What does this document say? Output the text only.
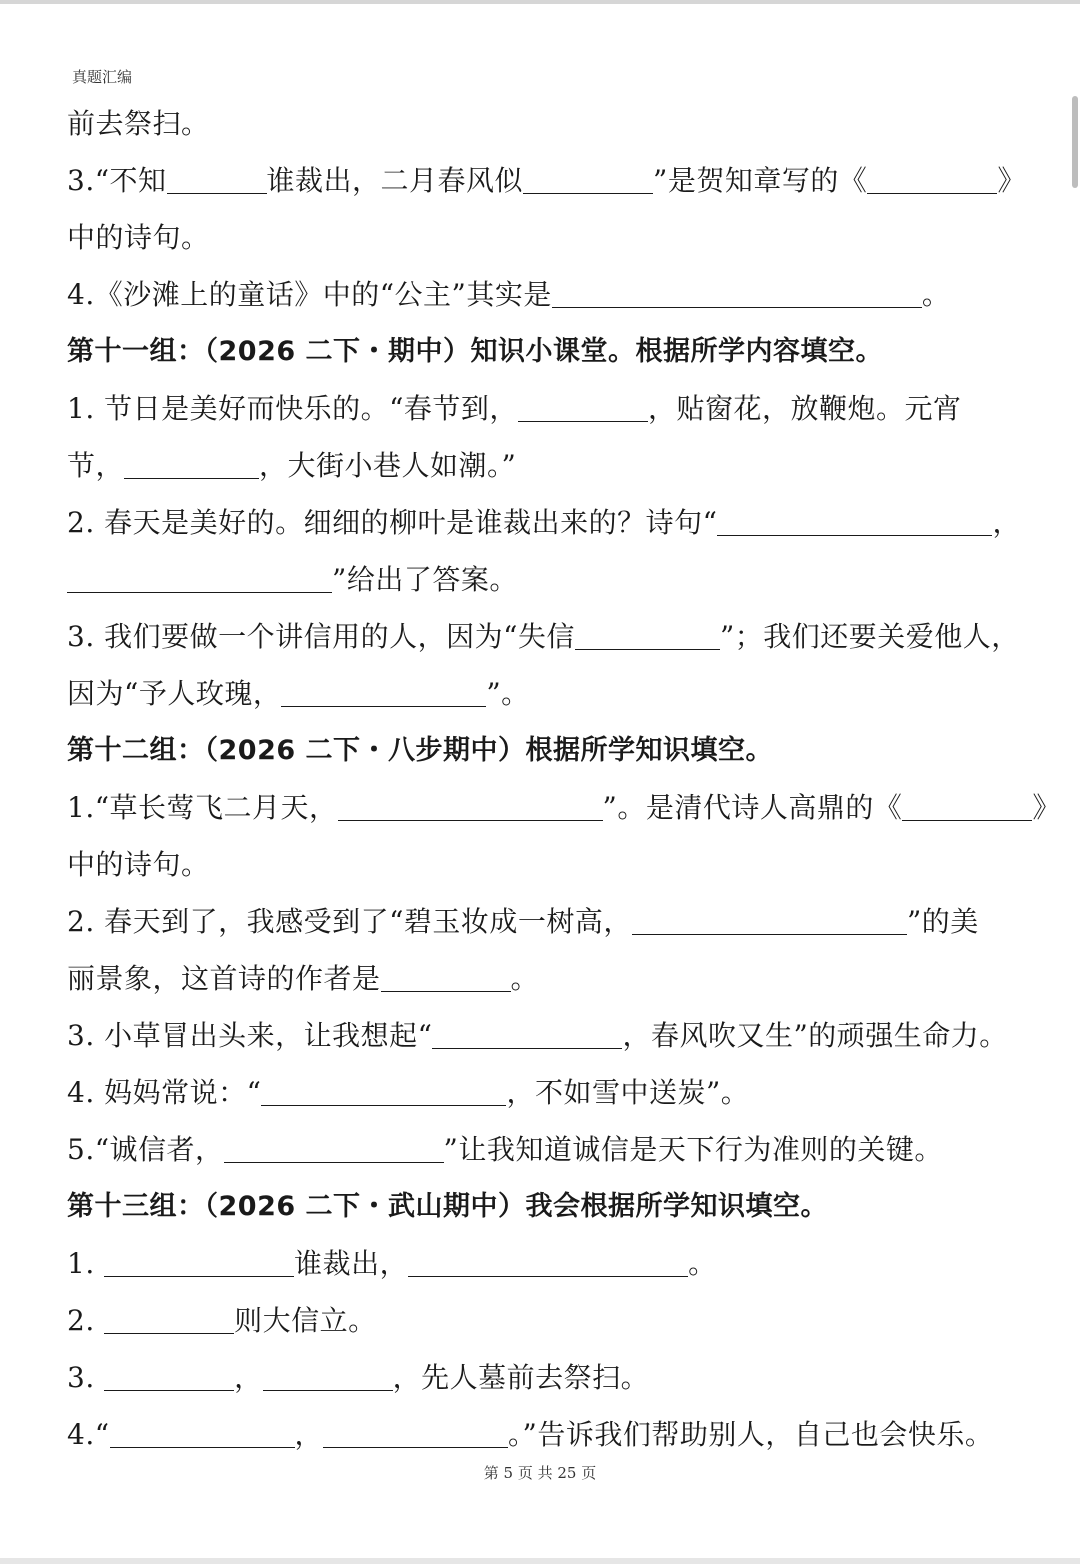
真题汇编
前去祭扫。
3.“不知	谁裁出，二月春风似	”是贺知章写的《	》
中的诗句。
4.《沙滩上的童话》中的“公主”其实是	。
第十一组：（2026 二下・期中）知识小课堂。根据所学内容填空。
1. 节日是美好而快乐的。“春节到，	，贴窗花，放鞭炮。元宵
节，	，大街小巷人如潮。”
2. 春天是美好的。细细的柳叶是谁裁出来的？诗句“	，
”给出了答案。
3. 我们要做一个讲信用的人，因为“失信	”；我们还要关爱他人，
因为“予人玫瑰，	”。
第十二组：（2026 二下・八步期中）根据所学知识填空。
1.“草长莺飞二月天，	”。是清代诗人高鼎的《	》
中的诗句。
2. 春天到了，我感受到了“碧玉妆成一树高，	”的美
丽景象，这首诗的作者是	。
3. 小草冒出头来，让我想起“	，春风吹又生”的顽强生命力。
4. 妈妈常说：“	，不如雪中送炭”。
5.“诚信者，	”让我知道诚信是天下行为准则的关键。
第十三组：（2026 二下・武山期中）我会根据所学知识填空。
1.	谁裁出，	。
2.	则大信立。
3.	，	，先人墓前去祭扫。
4.“	，	。”告诉我们帮助别人，自己也会快乐。
第 5 页 共 25 页
